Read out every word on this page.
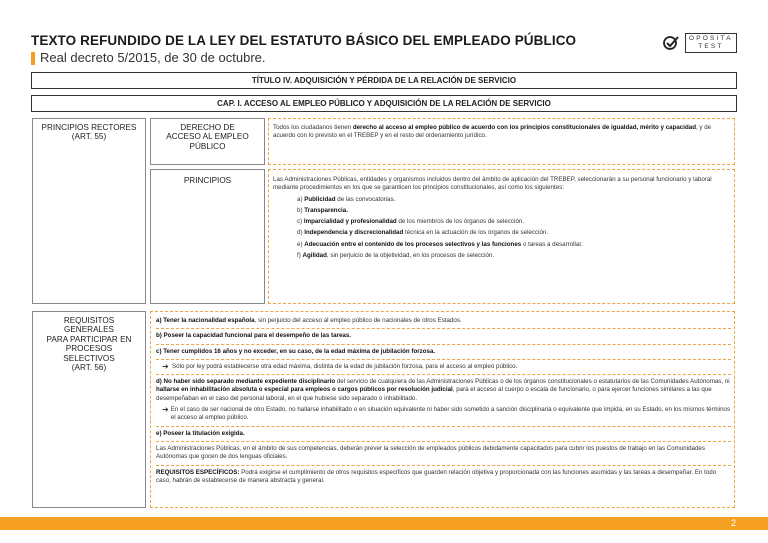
TEXTO REFUNDIDO DE LA LEY DEL ESTATUTO BÁSICO DEL EMPLEADO PÚBLICO
Real decreto 5/2015, de 30 de octubre.
OPOSITA
TEST
TÍTULO IV. ADQUISICIÓN Y PÉRDIDA DE LA RELACIÓN DE SERVICIO
CAP. I. ACCESO AL EMPLEO PÚBLICO Y ADQUISICIÓN DE LA RELACIÓN DE SERVICIO
PRINCIPIOS RECTORES
(ART. 55)
DERECHO DE
ACCESO AL EMPLEO
PÚBLICO
Todos los ciudadanos tienen derecho al acceso al empleo público de acuerdo con los principios constitucionales de igualdad, mérito y capacidad, y de acuerdo con lo previsto en el TREBEP y en el resto del ordenamiento jurídico.
PRINCIPIOS	Las Administraciones Públicas, entidades y organismos incluidos dentro del ámbito de aplicación del TREBEP, seleccionarán a su personal funcionario y laboral mediante procedimientos en los que se garanticen los principios constitucionales, así como los siguientes:
a) Publicidad de las convocatorias.
b) Transparencia.
c) Imparcialidad y profesionalidad de los miembros de los órganos de selección.
d) Independencia y discrecionalidad técnica en la actuación de los órganos de selección.
e) Adecuación entre el contenido de los procesos selectivos y las funciones o tareas a desarrollar.
f) Agilidad, sin perjuicio de la objetividad, en los procesos de selección.
REQUISITOS
GENERALES
PARA PARTICIPAR EN
PROCESOS
SELECTIVOS
(ART. 56)
a) Tener la nacionalidad española, sin perjuicio del acceso al empleo público de nacionales de otros Estados.
b) Poseer la capacidad funcional para el desempeño de las tareas.
c) Tener cumplidos 16 años y no exceder, en su caso, de la edad máxima de jubilación forzosa.
➔ Sólo por ley podrá establecerse otra edad máxima, distinta de la edad de jubilación forzosa, para el acceso al empleo público.
d) No haber sido separado mediante expediente disciplinario del servicio de cualquiera de las Administraciones Públicas o de los órganos constitucionales o estatutarios de las Comunidades Autónomas, ni hallarse en inhabilitación absoluta o especial para empleos o cargos públicos por resolución judicial, para el acceso al cuerpo o escala de funcionario, o para ejercer funciones similares a las que desempeñaban en el caso del personal laboral, en el que hubiese sido separado o inhabilitado.
➔ En el caso de ser nacional de otro Estado, no hallarse inhabilitado o en situación equivalente ni haber sido sometido a sanción disciplinaria o equivalente que impida, en su Estado, en los mismos términos el acceso al empleo público.
e) Poseer la titulación exigida.
Las Administraciones Públicas, en el ámbito de sus competencias, deberán prever la selección de empleados públicos debidamente capacitados para cubrir los puestos de trabajo en las Comunidades Autónomas que gocen de dos lenguas oficiales.
REQUISITOS ESPECÍFICOS: Podrá exigirse el cumplimiento de otros requisitos específicos que guarden relación objetiva y proporcionada con las funciones asumidas y las tareas a desempeñar. En todo caso, habrán de establecerse de manera abstracta y general.
2
